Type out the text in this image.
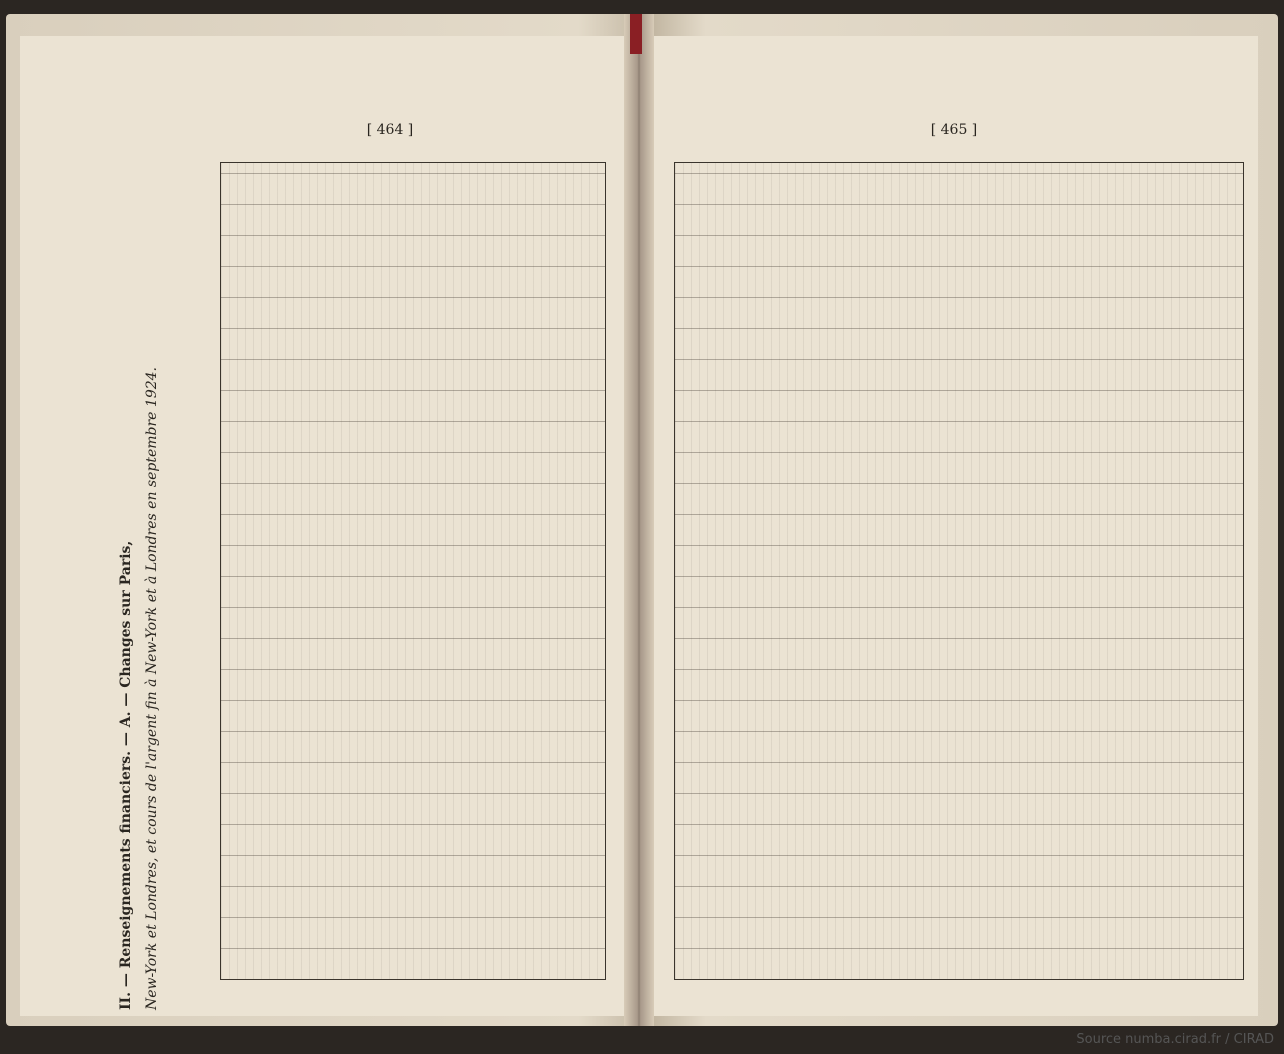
[ 464 ]	[ 465 ]
II. — Renseignements financiers. — A. — Changes sur Paris, New-York et Londres, et cours de l'argent fin à New-York et à Londres en septembre 1924.
Source numba.cirad.fr / CIRAD
